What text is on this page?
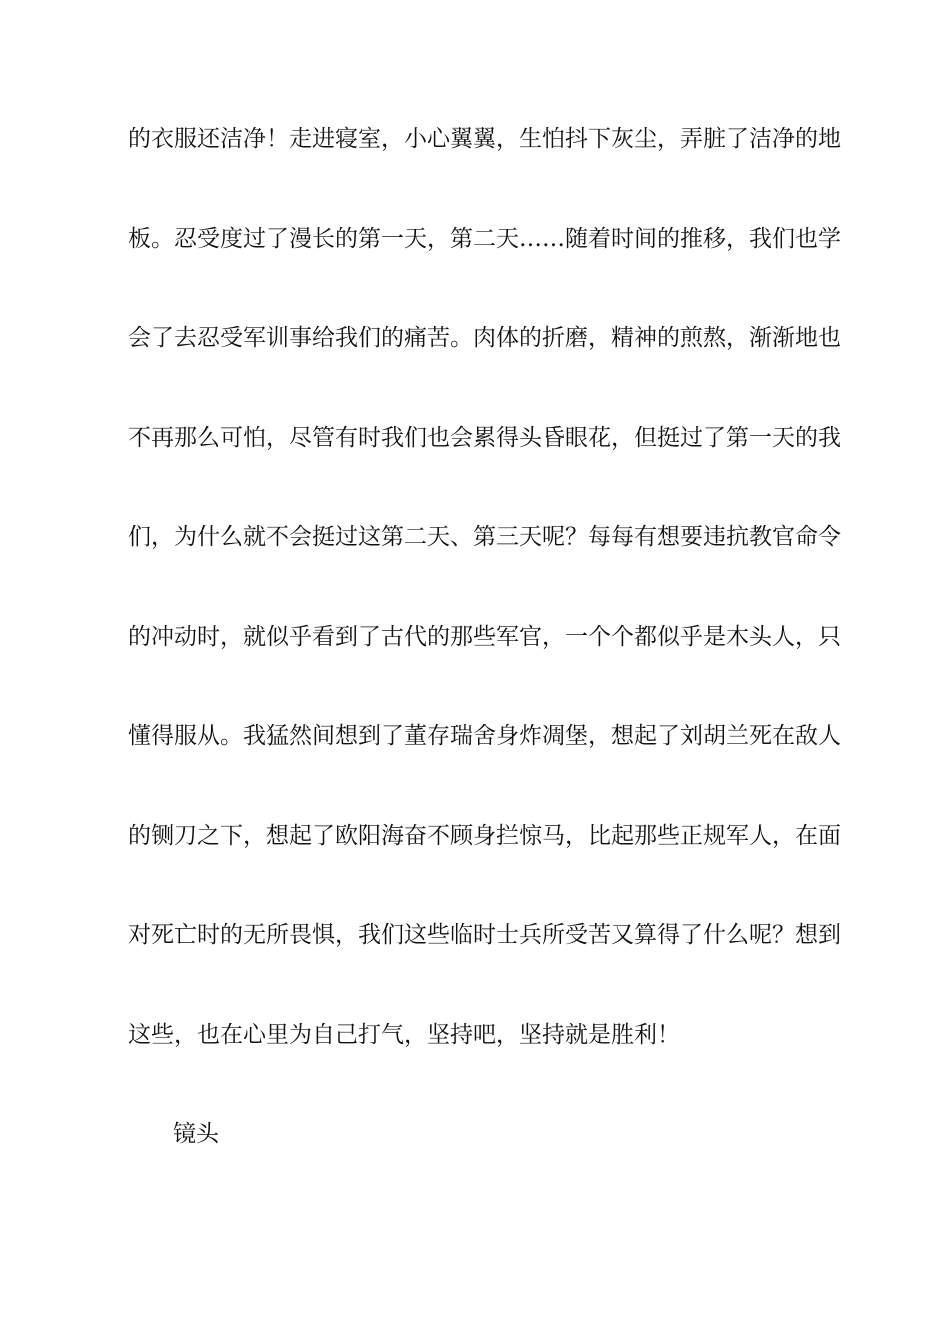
的衣服还洁净！走进寝室，小心翼翼，生怕抖下灰尘，弄脏了洁净的地
板。忍受度过了漫长的第一天，第二天……随着时间的推移，我们也学
会了去忍受军训事给我们的痛苦。肉体的折磨，精神的煎熬，渐渐地也
不再那么可怕，尽管有时我们也会累得头昏眼花，但挺过了第一天的我
们，为什么就不会挺过这第二天、第三天呢？每每有想要违抗教官命令
的冲动时，就似乎看到了古代的那些军官，一个个都似乎是木头人，只
懂得服从。我猛然间想到了董存瑞舍身炸凋堡，想起了刘胡兰死在敌人
的铡刀之下，想起了欧阳海奋不顾身拦惊马，比起那些正规军人，在面
对死亡时的无所畏惧，我们这些临时士兵所受苦又算得了什么呢？想到
这些，也在心里为自己打气，坚持吧，坚持就是胜利！
镜头
